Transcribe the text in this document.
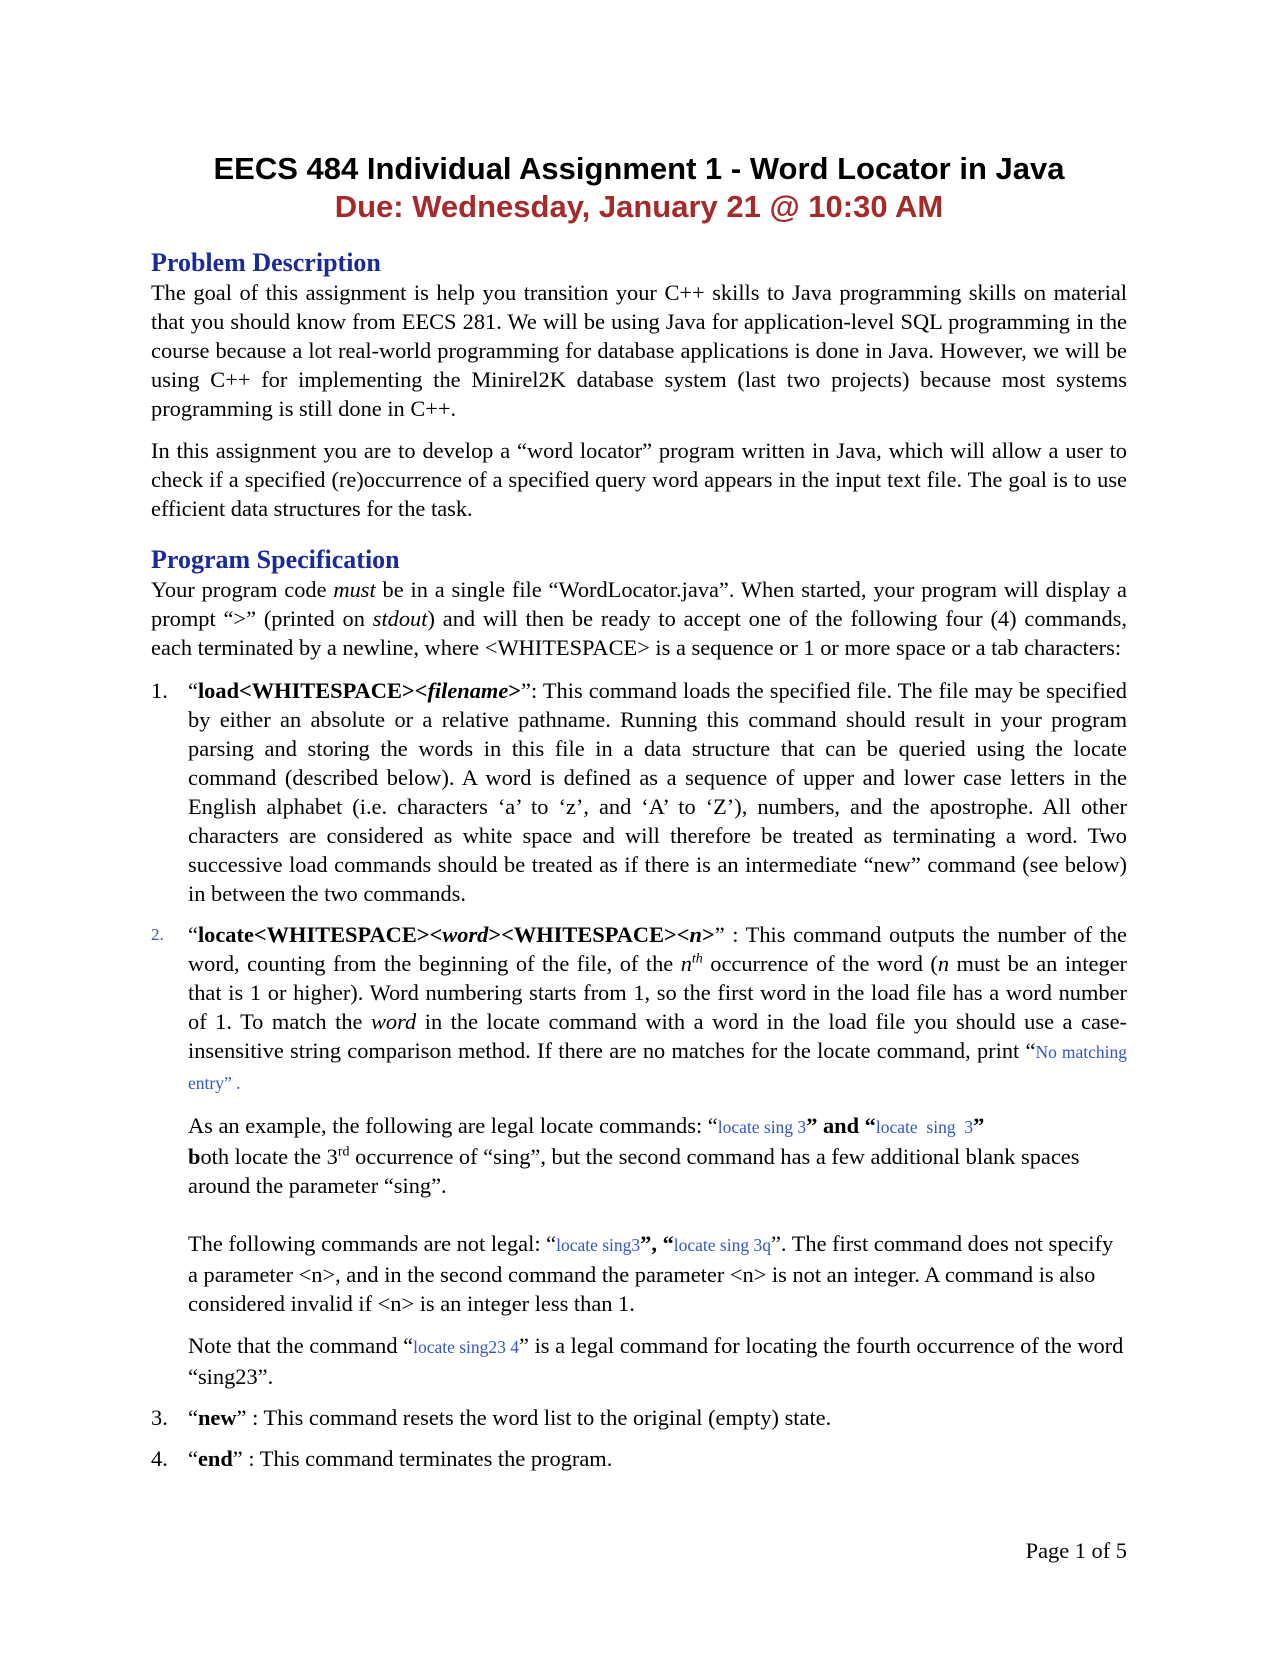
EECS 484 Individual Assignment 1 - Word Locator in Java
Due: Wednesday, January 21 @ 10:30 AM
Problem Description

The goal of this assignment is help you transition your C++ skills to Java programming skills on material that you should know from EECS 281. We will be using Java for application-level SQL programming in the course because a lot real-world programming for database applications is done in Java. However, we will be using C++ for implementing the Minirel2K database system (last two projects) because most systems programming is still done in C++.

In this assignment you are to develop a “word locator” program written in Java, which will allow a user to check if a specified (re)occurrence of a specified query word appears in the input text file. The goal is to use efficient data structures for the task.

Program Specification

Your program code must be in a single file “WordLocator.java”. When started, your program will display a prompt “>” (printed on stdout) and will then be ready to accept one of the following four (4) commands, each terminated by a newline, where <WHITESPACE> is a sequence or 1 or more space or a tab characters:

1. “load<WHITESPACE><filename>”: This command loads the specified file. The file may be specified by either an absolute or a relative pathname. Running this command should result in your program parsing and storing the words in this file in a data structure that can be queried using the locate command (described below). A word is defined as a sequence of upper and lower case letters in the English alphabet (i.e. characters ‘a’ to ‘z’, and ‘A’ to ‘Z’), numbers, and the apostrophe. All other characters are considered as white space and will therefore be treated as terminating a word. Two successive load commands should be treated as if there is an intermediate “new” command (see below) in between the two commands.

2. “locate<WHITESPACE><word><WHITESPACE><n>” : This command outputs the number of the word, counting from the beginning of the file, of the $n^{th}$ occurrence of the word (n must be an integer that is 1 or higher). Word numbering starts from 1, so the first word in the load file has a word number of 1. To match the word in the locate command with a word in the load file you should use a case-insensitive string comparison method. If there are no matches for the locate command, print “No matching entry” .

As an example, the following are legal locate commands: “locate sing 3” and “locate  sing  3”
both locate the 3rd occurrence of “sing”, but the second command has a few additional blank spaces around the parameter “sing”.

The following commands are not legal: “locate sing3”, “locate sing 3q”. The first command does not specify a parameter <n>, and in the second command the parameter <n> is not an integer. A command is also considered invalid if <n> is an integer less than 1.

Note that the command “locate sing23 4” is a legal command for locating the fourth occurrence of the word “sing23”.

3. “new” : This command resets the word list to the original (empty) state.

4. “end” : This command terminates the program.

Page 1 of 5
